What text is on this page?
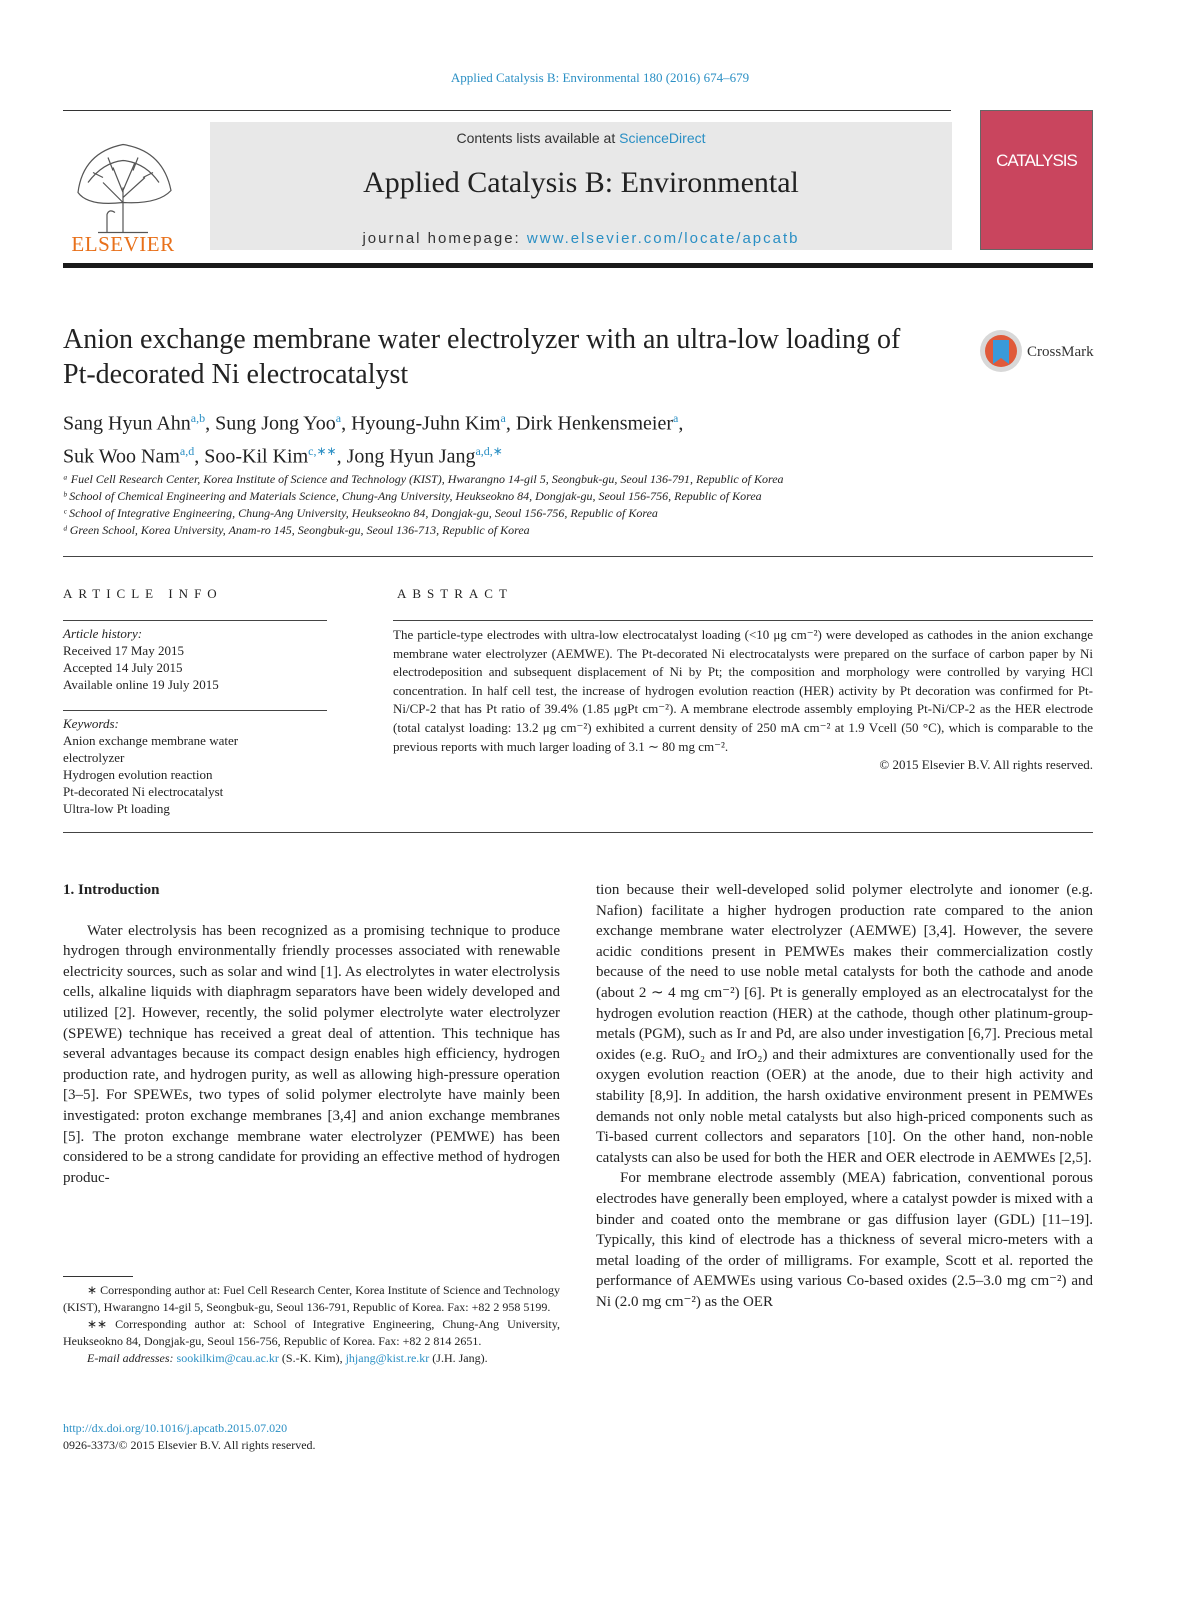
Applied Catalysis B: Environmental 180 (2016) 674–679
ELSEVIER
Contents lists available at ScienceDirect
Applied Catalysis B: Environmental
journal homepage: www.elsevier.com/locate/apcatb
CATALYSIS
Anion exchange membrane water electrolyzer with an ultra-low loading of Pt-decorated Ni electrocatalyst
CrossMark
Sang Hyun Ahn$^{a,b}$, Sung Jong Yoo$^a$, Hyoung-Juhn Kim$^a$, Dirk Henkensmeier$^a$,
Suk Woo Nam$^{a,d}$, Soo-Kil Kim$^{c,∗∗}$, Jong Hyun Jang$^{a,d,∗}$
ᵃ Fuel Cell Research Center, Korea Institute of Science and Technology (KIST), Hwarangno 14-gil 5, Seongbuk-gu, Seoul 136-791, Republic of Korea
ᵇ School of Chemical Engineering and Materials Science, Chung-Ang University, Heukseokno 84, Dongjak-gu, Seoul 156-756, Republic of Korea
ᶜ School of Integrative Engineering, Chung-Ang University, Heukseokno 84, Dongjak-gu, Seoul 156-756, Republic of Korea
ᵈ Green School, Korea University, Anam-ro 145, Seongbuk-gu, Seoul 136-713, Republic of Korea
ARTICLE INFO
Article history:
Received 17 May 2015
Accepted 14 July 2015
Available online 19 July 2015
Keywords:
Anion exchange membrane water electrolyzer
Hydrogen evolution reaction
Pt-decorated Ni electrocatalyst
Ultra-low Pt loading
ABSTRACT

The particle-type electrodes with ultra-low electrocatalyst loading (<10 μg cm⁻²) were developed as cathodes in the anion exchange membrane water electrolyzer (AEMWE). The Pt-decorated Ni electrocatalysts were prepared on the surface of carbon paper by Ni electrodeposition and subsequent displacement of Ni by Pt; the composition and morphology were controlled by varying HCl concentration. In half cell test, the increase of hydrogen evolution reaction (HER) activity by Pt decoration was confirmed for Pt-Ni/CP-2 that has Pt ratio of 39.4% (1.85 μgPt cm⁻²). A membrane electrode assembly employing Pt-Ni/CP-2 as the HER electrode (total catalyst loading: 13.2 μg cm⁻²) exhibited a current density of 250 mA cm⁻² at 1.9 Vcell (50 °C), which is comparable to the previous reports with much larger loading of 3.1 ∼ 80 mg cm⁻².

© 2015 Elsevier B.V. All rights reserved.

1. Introduction

Water electrolysis has been recognized as a promising technique to produce hydrogen through environmentally friendly processes associated with renewable electricity sources, such as solar and wind [1]. As electrolytes in water electrolysis cells, alkaline liquids with diaphragm separators have been widely developed and utilized [2]. However, recently, the solid polymer electrolyte water electrolyzer (SPEWE) technique has received a great deal of attention. This technique has several advantages because its compact design enables high efficiency, hydrogen production rate, and hydrogen purity, as well as allowing high-pressure operation [3–5]. For SPEWEs, two types of solid polymer electrolyte have mainly been investigated: proton exchange membranes [3,4] and anion exchange membranes [5]. The proton exchange membrane water electrolyzer (PEMWE) has been considered to be a strong candidate for providing an effective method of hydrogen produc-

tion because their well-developed solid polymer electrolyte and ionomer (e.g. Nafion) facilitate a higher hydrogen production rate compared to the anion exchange membrane water electrolyzer (AEMWE) [3,4]. However, the severe acidic conditions present in PEMWEs makes their commercialization costly because of the need to use noble metal catalysts for both the cathode and anode (about 2 ∼ 4 mg cm⁻²) [6]. Pt is generally employed as an electrocatalyst for the hydrogen evolution reaction (HER) at the cathode, though other platinum-group-metals (PGM), such as Ir and Pd, are also under investigation [6,7]. Precious metal oxides (e.g. RuO₂ and IrO₂) and their admixtures are conventionally used for the oxygen evolution reaction (OER) at the anode, due to their high activity and stability [8,9]. In addition, the harsh oxidative environment present in PEMWEs demands not only noble metal catalysts but also high-priced components such as Ti-based current collectors and separators [10]. On the other hand, non-noble catalysts can also be used for both the HER and OER electrode in AEMWEs [2,5].

For membrane electrode assembly (MEA) fabrication, conventional porous electrodes have generally been employed, where a catalyst powder is mixed with a binder and coated onto the membrane or gas diffusion layer (GDL) [11–19]. Typically, this kind of electrode has a thickness of several micro-meters with a metal loading of the order of milligrams. For example, Scott et al. reported the performance of AEMWEs using various Co-based oxides (2.5–3.0 mg cm⁻²) and Ni (2.0 mg cm⁻²) as the OER

∗ Corresponding author at: Fuel Cell Research Center, Korea Institute of Science and Technology (KIST), Hwarangno 14-gil 5, Seongbuk-gu, Seoul 136-791, Republic of Korea. Fax: +82 2 958 5199.

∗∗ Corresponding author at: School of Integrative Engineering, Chung-Ang University, Heukseokno 84, Dongjak-gu, Seoul 156-756, Republic of Korea. Fax: +82 2 814 2651.

E-mail addresses: sookilkim@cau.ac.kr (S.-K. Kim), jhjang@kist.re.kr (J.H. Jang).

http://dx.doi.org/10.1016/j.apcatb.2015.07.020
0926-3373/© 2015 Elsevier B.V. All rights reserved.
